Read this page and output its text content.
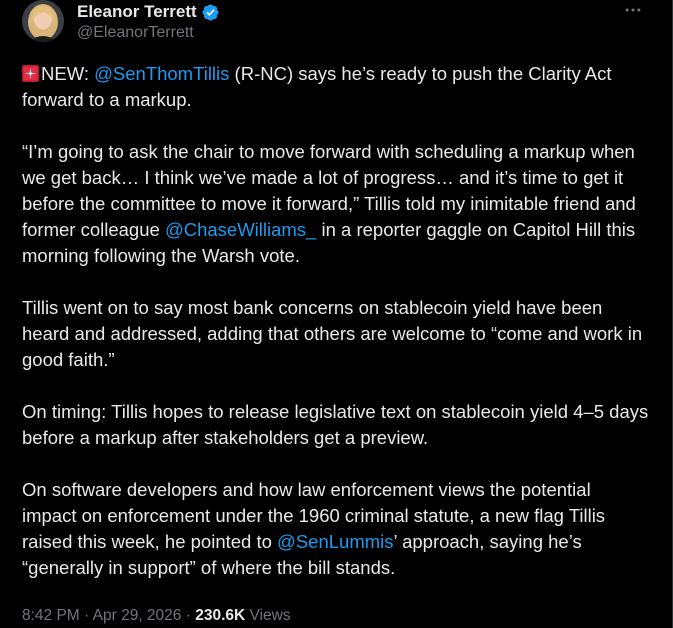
Eleanor Terrett
@EleanorTerrett

NEW: @SenThomTillis (R-NC) says he’s ready to push the Clarity Act forward to a markup.

“I’m going to ask the chair to move forward with scheduling a markup when we get back… I think we’ve made a lot of progress… and it’s time to get it before the committee to move it forward,” Tillis told my inimitable friend and former colleague @ChaseWilliams_ in a reporter gaggle on Capitol Hill this morning following the Warsh vote.

Tillis went on to say most bank concerns on stablecoin yield have been heard and addressed, adding that others are welcome to “come and work in good faith.”

On timing: Tillis hopes to release legislative text on stablecoin yield 4–5 days before a markup after stakeholders get a preview.

On software developers and how law enforcement views the potential impact on enforcement under the 1960 criminal statute, a new flag Tillis raised this week, he pointed to @SenLummis’ approach, saying he’s “generally in support” of where the bill stands.

8:42 PM · Apr 29, 2026 · 230.6K Views
